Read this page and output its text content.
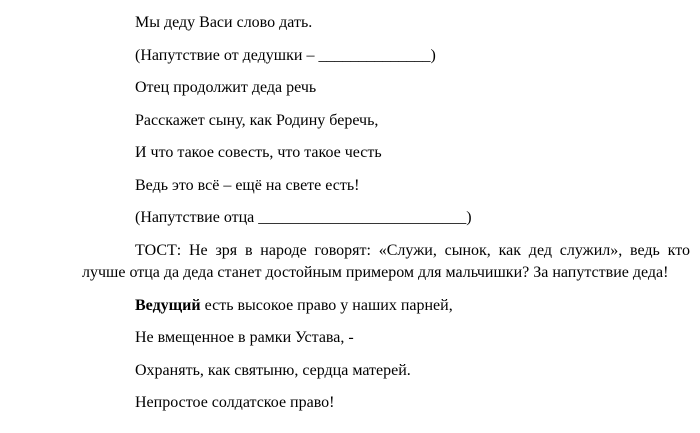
Мы деду Васи слово дать.

(Напутствие от дедушки – ______________)

Отец продолжит деда речь

Расскажет сыну, как Родину беречь,

И что такое совесть, что такое честь

Ведь это всё – ещё на свете есть!

(Напутствие отца __________________________)

ТОСТ: Не зря в народе говорят: «Служи, сынок, как дед служил», ведь кто лучше отца да деда станет достойным примером для мальчишки? За напутствие деда!

Ведущий есть высокое право у наших парней,

Не вмещенное в рамки Устава, -

Охранять, как святыню, сердца матерей.

Непростое солдатское право!
